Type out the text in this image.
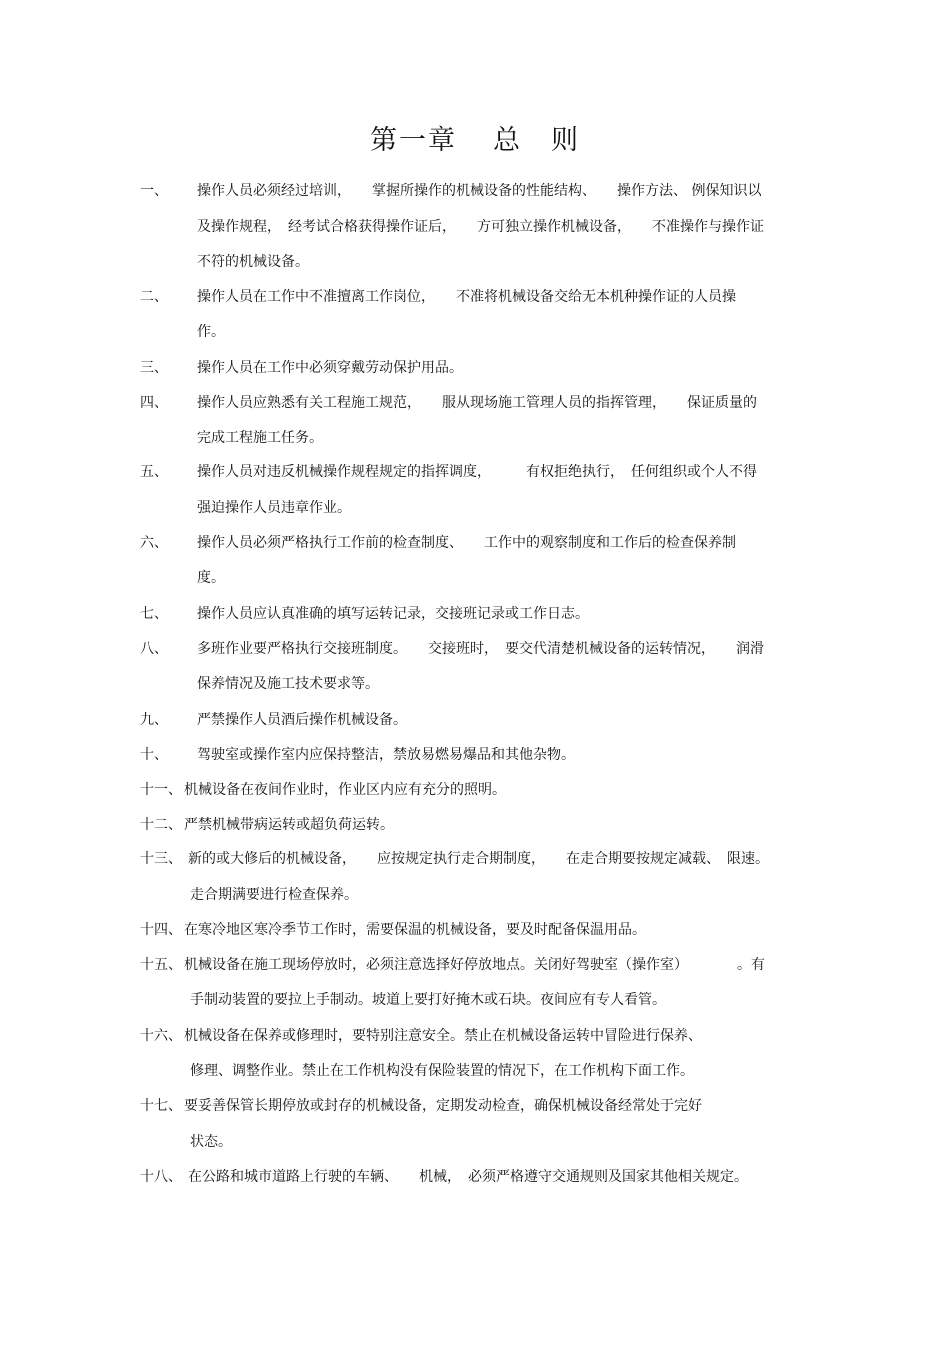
第一章 总　则
一、 操作人员必须经过培训，　　掌握所操作的机械设备的性能结构、　　操作方法、 例保知识以
及操作规程，　经考试合格获得操作证后，　　方可独立操作机械设备，　　不准操作与操作证
不符的机械设备。
二、 操作人员在工作中不准擅离工作岗位，　　不准将机械设备交给无本机种操作证的人员操
作。
三、 操作人员在工作中必须穿戴劳动保护用品。
四、 操作人员应熟悉有关工程施工规范，　　服从现场施工管理人员的指挥管理，　　保证质量的
完成工程施工任务。
五、 操作人员对违反机械操作规程规定的指挥调度，　　　有权拒绝执行，　任何组织或个人不得
强迫操作人员违章作业。
六、 操作人员必须严格执行工作前的检查制度、　　工作中的观察制度和工作后的检查保养制
度。
七、 操作人员应认真准确的填写运转记录，交接班记录或工作日志。
八、 多班作业要严格执行交接班制度。　　交接班时，　要交代清楚机械设备的运转情况，　　润滑
保养情况及施工技术要求等。
九、 严禁操作人员酒后操作机械设备。
十、 驾驶室或操作室内应保持整洁，禁放易燃易爆品和其他杂物。
十一、 机械设备在夜间作业时，作业区内应有充分的照明。
十二、 严禁机械带病运转或超负荷运转。
十三、 新的或大修后的机械设备，　　应按规定执行走合期制度，　　在走合期要按规定减载、　限速。
走合期满要进行检查保养。
十四、 在寒冷地区寒冷季节工作时，需要保温的机械设备，要及时配备保温用品。
十五、 机械设备在施工现场停放时，必须注意选择好停放地点。关闭好驾驶室（操作室）　　　　。有
手制动装置的要拉上手制动。坡道上要打好掩木或石块。夜间应有专人看管。
十六、 机械设备在保养或修理时，要特别注意安全。禁止在机械设备运转中冒险进行保养、
修理、调整作业。禁止在工作机构没有保险装置的情况下，在工作机构下面工作。
十七、 要妥善保管长期停放或封存的机械设备，定期发动检查，确保机械设备经常处于完好
状态。
十八、 在公路和城市道路上行驶的车辆、　　机械，　必须严格遵守交通规则及国家其他相关规定。
